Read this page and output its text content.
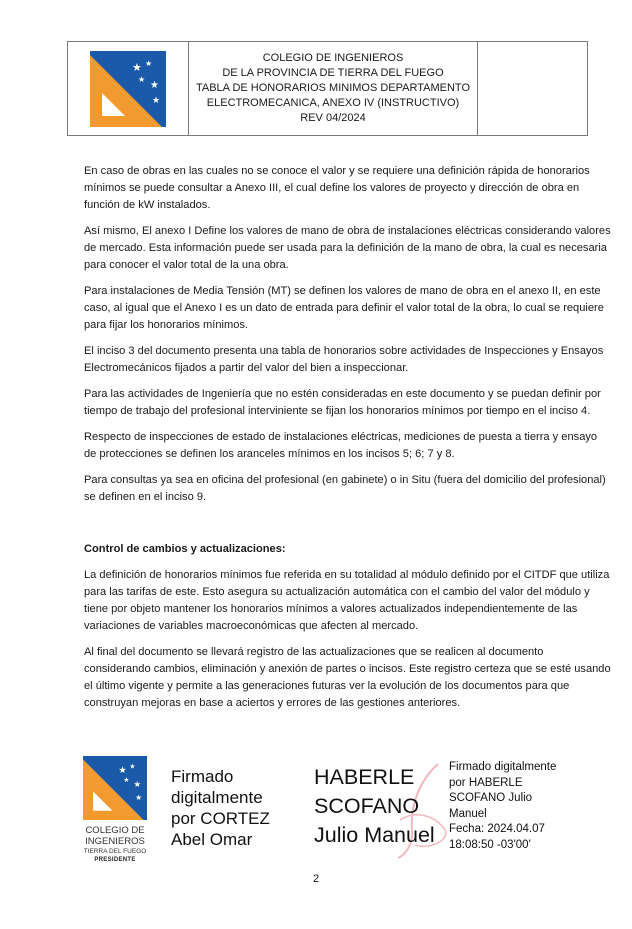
★ ★
★
★
★
COLEGIO DE INGENIEROS
DE LA PROVINCIA DE TIERRA DEL FUEGO
TABLA DE HONORARIOS MINIMOS DEPARTAMENTO
ELECTROMECANICA, ANEXO IV (INSTRUCTIVO)
REV 04/2024

En caso de obras en las cuales no se conoce el valor y se requiere una definición rápida de honorarios mínimos se puede consultar a Anexo III, el cual define los valores de proyecto y dirección de obra en función de kW instalados.

Así mismo, El anexo I Define los valores de mano de obra de instalaciones eléctricas considerando valores de mercado. Esta información puede ser usada para la definición de la mano de obra, la cual es necesaria para conocer el valor total de la una obra.

Para instalaciones de Media Tensión (MT) se definen los valores de mano de obra en el anexo II, en este caso, al igual que el Anexo I es un dato de entrada para definir el valor total de la obra, lo cual se requiere para fijar los honorarios mínimos.

El inciso 3 del documento presenta una tabla de honorarios sobre actividades de Inspecciones y Ensayos Electromecánicos fijados a partir del valor del bien a inspeccionar.

Para las actividades de Ingeniería que no estén consideradas en este documento y se puedan definir por tiempo de trabajo del profesional interviniente se fijan los honorarios mínimos por tiempo en el inciso 4.

Respecto de inspecciones de estado de instalaciones eléctricas, mediciones de puesta a tierra y ensayo de protecciones se definen los aranceles mínimos en los incisos 5; 6; 7 y 8.

Para consultas ya sea en oficina del profesional (en gabinete) o in Situ (fuera del domicilio del profesional) se definen en el inciso 9.

Control de cambios y actualizaciones:

La definición de honorarios mínimos fue referida en su totalidad al módulo definido por el CITDF que utiliza para las tarifas de este. Esto asegura su actualización automática con el cambio del valor del módulo y tiene por objeto mantener los honorarios mínimos a valores actualizados independientemente de las variaciones de variables macroeconómicas que afecten al mercado.

Al final del documento se llevará registro de las actualizaciones que se realicen al documento considerando cambios, eliminación y anexión de partes o incisos. Este registro certeza que se esté usando el último vigente y permite a las generaciones futuras ver la evolución de los documentos para que construyan mejoras en base a aciertos y errores de las gestiones anteriores.

★ ★
★ ★
★
COLEGIO DE
INGENIEROS
TIERRA DEL FUEGO
PRESIDENTE
Firmado
digitalmente
por CORTEZ
Abel Omar
HABERLE
SCOFANO
Julio Manuel
Firmado digitalmente
por HABERLE
SCOFANO Julio
Manuel
Fecha: 2024.04.07
18:08:50 -03'00'
2
